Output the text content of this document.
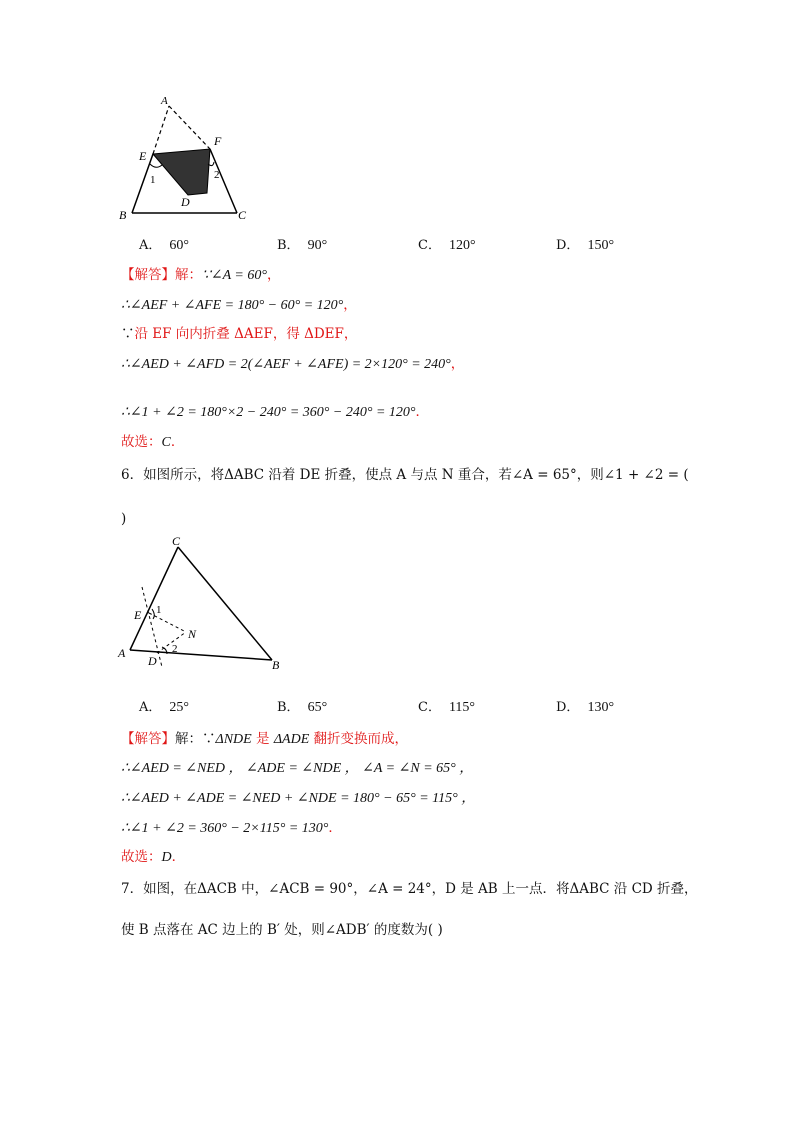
A
E
F
1	2
D
B	C
A． 60°	B． 90°	C． 120°	D． 150°
【解答】解：∵∠A = 60°，
∴∠AEF + ∠AFE = 180° − 60° = 120°，
∵沿 EF 向内折叠 ΔAEF，得 ΔDEF，
∴∠AED + ∠AFD = 2(∠AEF + ∠AFE) = 2×120° = 240°，
∴∠1 + ∠2 = 180°×2 − 240° = 360° − 240° = 120°．
故选：C．
6．如图所示，将ΔABC 沿着 DE 折叠，使点 A 与点 N 重合，若∠A = 65°，则∠1 + ∠2 = (
)
C
E 1
N
A
D
2
B
A． 25°	B． 65°	C． 115°	D． 130°
【解答】解：∵ΔNDE 是 ΔADE 翻折变换而成，
∴∠AED = ∠NED ， ∠ADE = ∠NDE ， ∠A = ∠N = 65° ，
∴∠AED + ∠ADE = ∠NED + ∠NDE = 180° − 65° = 115° ，
∴∠1 + ∠2 = 360° − 2×115° = 130°．
故选：D．
7．如图，在ΔACB 中，∠ACB = 90°，∠A = 24°，D 是 AB 上一点．将ΔABC 沿 CD 折叠，
使 B 点落在 AC 边上的 B′ 处，则∠ADB′ 的度数为( )
